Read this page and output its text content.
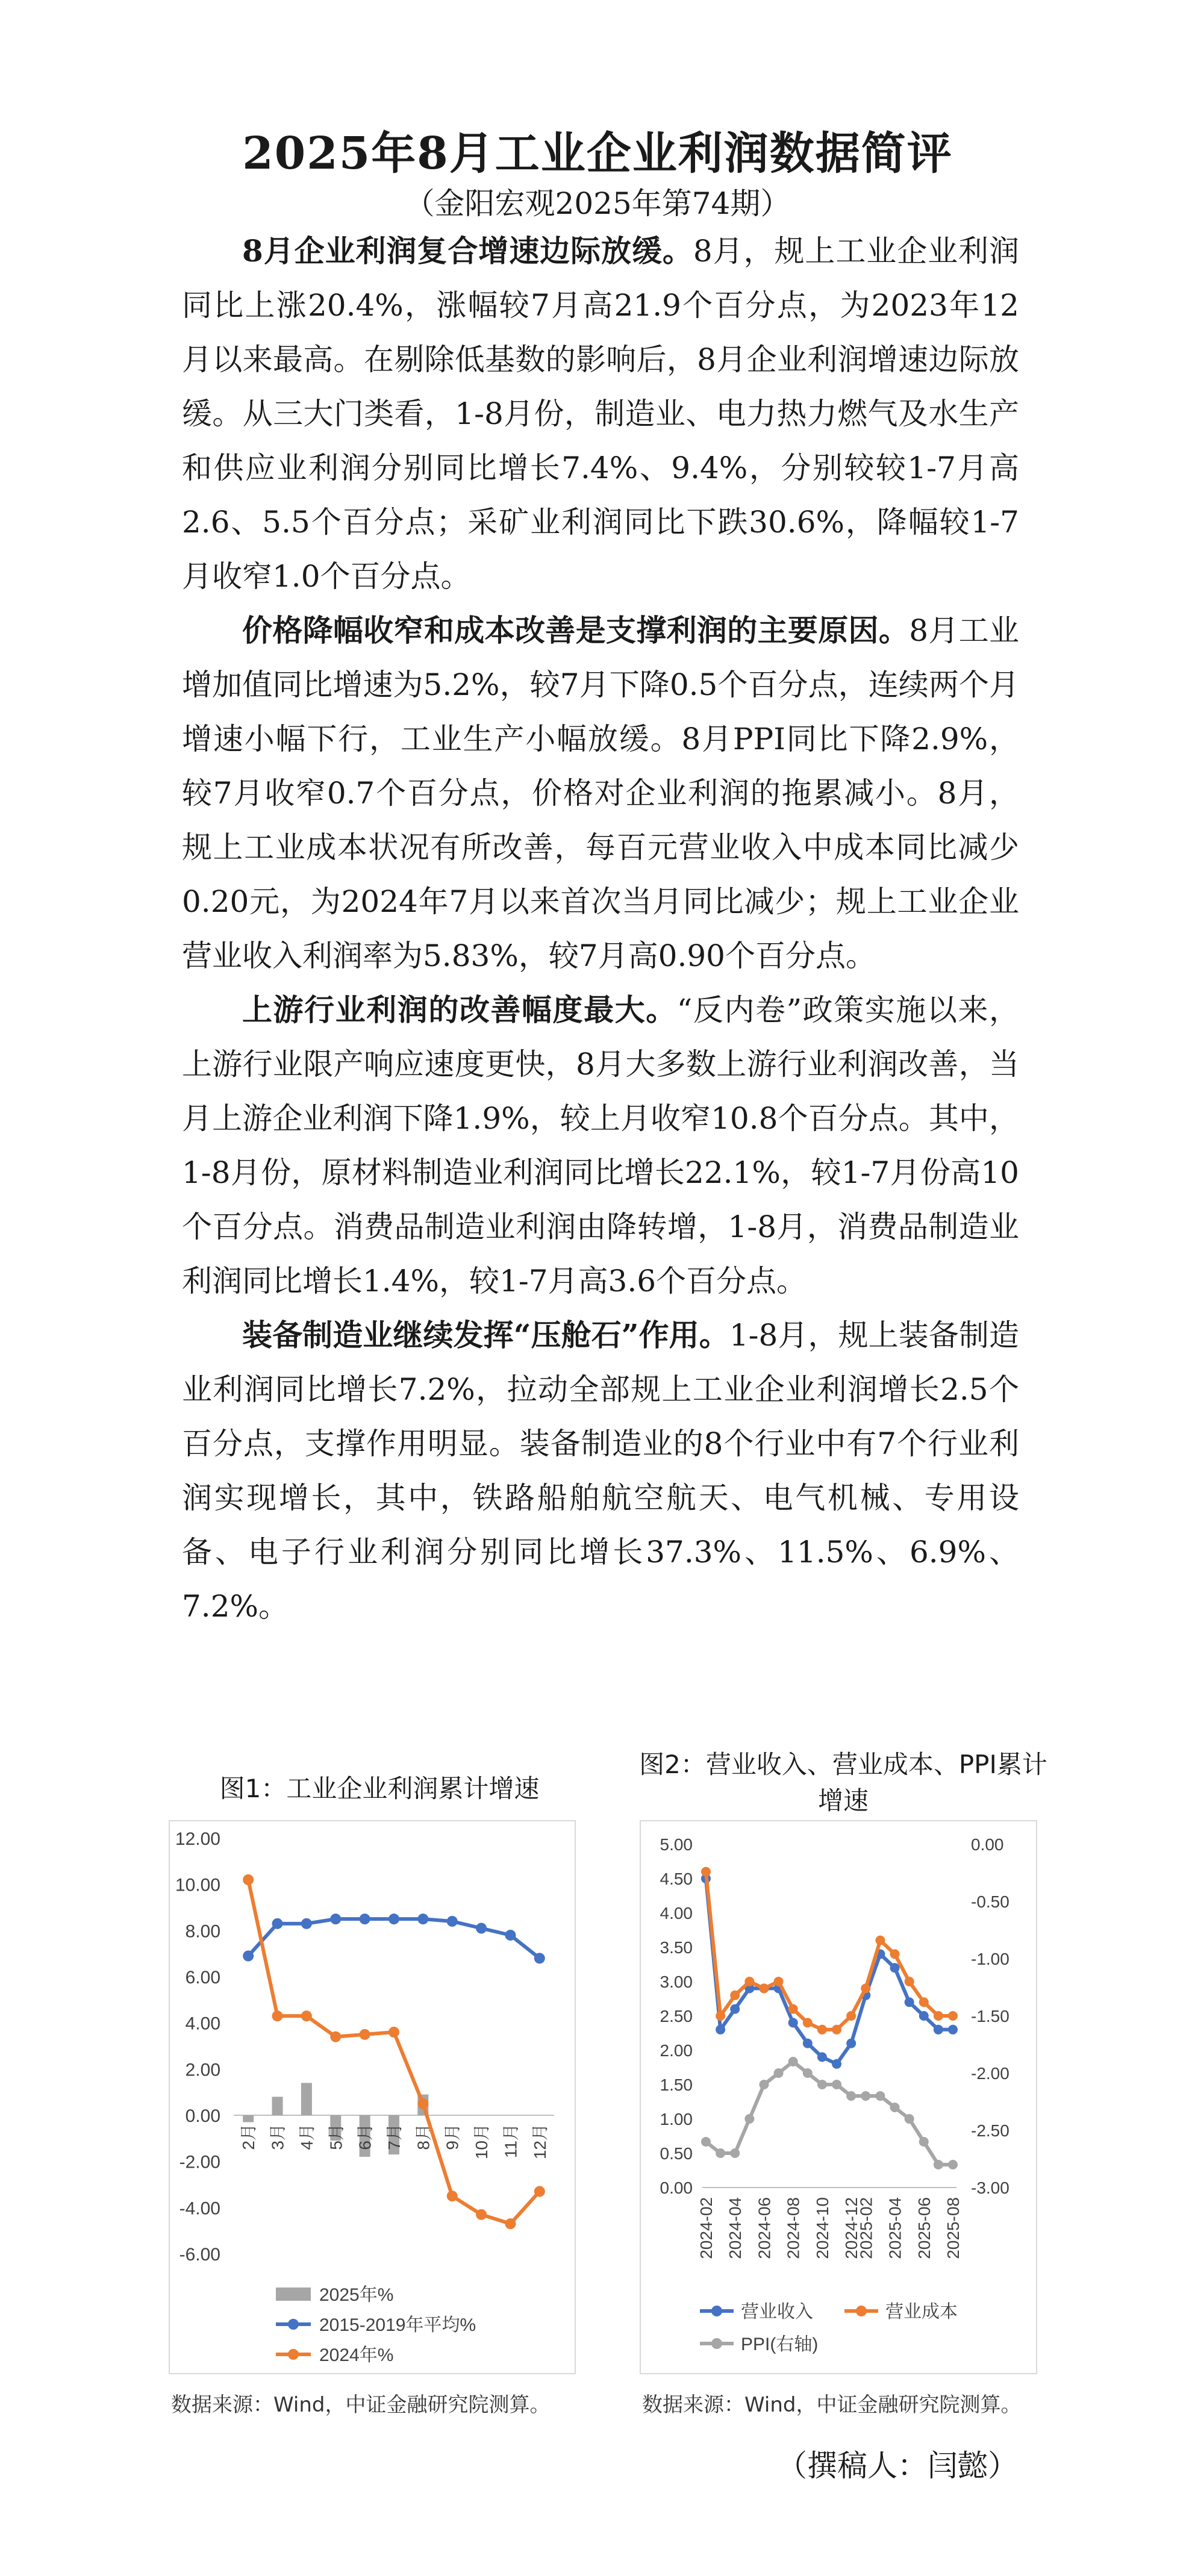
2025年8月工业企业利润数据简评
（金阳宏观2025年第74期）

8月企业利润复合增速边际放缓。8月，规上工业企业利润同比上涨20.4%，涨幅较7月高21.9个百分点，为2023年12月以来最高。在剔除低基数的影响后，8月企业利润增速边际放缓。从三大门类看，1-8月份，制造业、电力热力燃气及水生产和供应业利润分别同比增长7.4%、9.4%，分别较较1-7月高2.6、5.5个百分点；采矿业利润同比下跌30.6%，降幅较1-7月收窄1.0个百分点。

价格降幅收窄和成本改善是支撑利润的主要原因。8月工业增加值同比增速为5.2%，较7月下降0.5个百分点，连续两个月增速小幅下行，工业生产小幅放缓。8月PPI同比下降2.9%，较7月收窄0.7个百分点，价格对企业利润的拖累减小。8月，规上工业成本状况有所改善，每百元营业收入中成本同比减少0.20元，为2024年7月以来首次当月同比减少；规上工业企业营业收入利润率为5.83%，较7月高0.90个百分点。

上游行业利润的改善幅度最大。“反内卷”政策实施以来，上游行业限产响应速度更快，8月大多数上游行业利润改善，当月上游企业利润下降1.9%，较上月收窄10.8个百分点。其中，1-8月份，原材料制造业利润同比增长22.1%，较1-7月份高10个百分点。消费品制造业利润由降转增，1-8月，消费品制造业利润同比增长1.4%，较1-7月高3.6个百分点。

装备制造业继续发挥“压舱石”作用。1-8月，规上装备制造业利润同比增长7.2%，拉动全部规上工业企业利润增长2.5个百分点，支撑作用明显。装备制造业的8个行业中有7个行业利润实现增长，其中，铁路船舶航空航天、电气机械、专用设备、电子行业利润分别同比增长37.3%、11.5%、6.9%、7.2%。

图1：工业企业利润累计增速
12.00
10.00
8.00
6.00
4.00
2.00
0.00
-2.00
-4.00
-6.00
2月 3月 4月 5月 6月 7月 8月 9月 10月 11月 12月
2025年%
2015-2019年平均%
2024年%
数据来源：Wind，中证金融研究院测算。
图2：营业收入、营业成本、PPI累计增速
5.00
4.50
4.00
3.50
3.00
2.50
2.00
1.50
1.00
0.50
0.00
0.00
-0.50
-1.00
-1.50
-2.00
-2.50
-3.00
2024-02 2024-04 2024-06 2024-08 2024-10 2024-12
2025-02 2025-04 2025-06 2025-08
营业收入	营业成本
PPI(右轴)
数据来源：Wind，中证金融研究院测算。
（撰稿人：闫懿）
